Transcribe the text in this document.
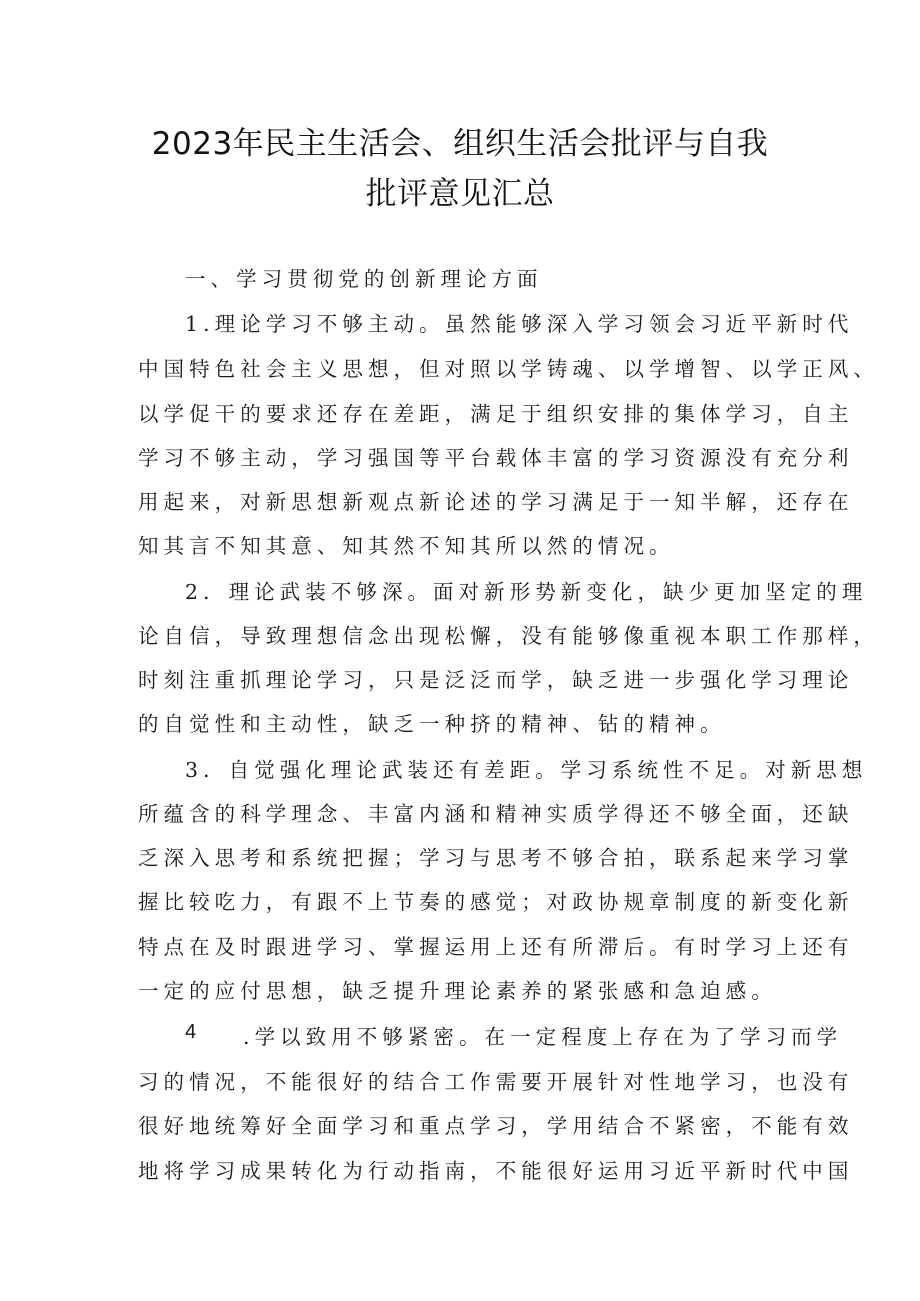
2023年民主生活会、组织生活会批评与自我
批评意见汇总
一、学习贯彻党的创新理论方面
1.理论学习不够主动。虽然能够深入学习领会习近平新时代
中国特色社会主义思想，但对照以学铸魂、以学增智、以学正风、
以学促干的要求还存在差距，满足于组织安排的集体学习，自主
学习不够主动，学习强国等平台载体丰富的学习资源没有充分利
用起来，对新思想新观点新论述的学习满足于一知半解，还存在
知其言不知其意、知其然不知其所以然的情况。
2．理论武装不够深。面对新形势新变化，缺少更加坚定的理
论自信，导致理想信念出现松懈，没有能够像重视本职工作那样，
时刻注重抓理论学习，只是泛泛而学，缺乏进一步强化学习理论
的自觉性和主动性，缺乏一种挤的精神、钻的精神。
3．自觉强化理论武装还有差距。学习系统性不足。对新思想
所蕴含的科学理念、丰富内涵和精神实质学得还不够全面，还缺
乏深入思考和系统把握；学习与思考不够合拍，联系起来学习掌
握比较吃力，有跟不上节奏的感觉；对政协规章制度的新变化新
特点在及时跟进学习、掌握运用上还有所滞后。有时学习上还有
一定的应付思想，缺乏提升理论素养的紧张感和急迫感。
4 .学以致用不够紧密。在一定程度上存在为了学习而学
习的情况，不能很好的结合工作需要开展针对性地学习，也没有
很好地统筹好全面学习和重点学习，学用结合不紧密，不能有效
地将学习成果转化为行动指南，不能很好运用习近平新时代中国
